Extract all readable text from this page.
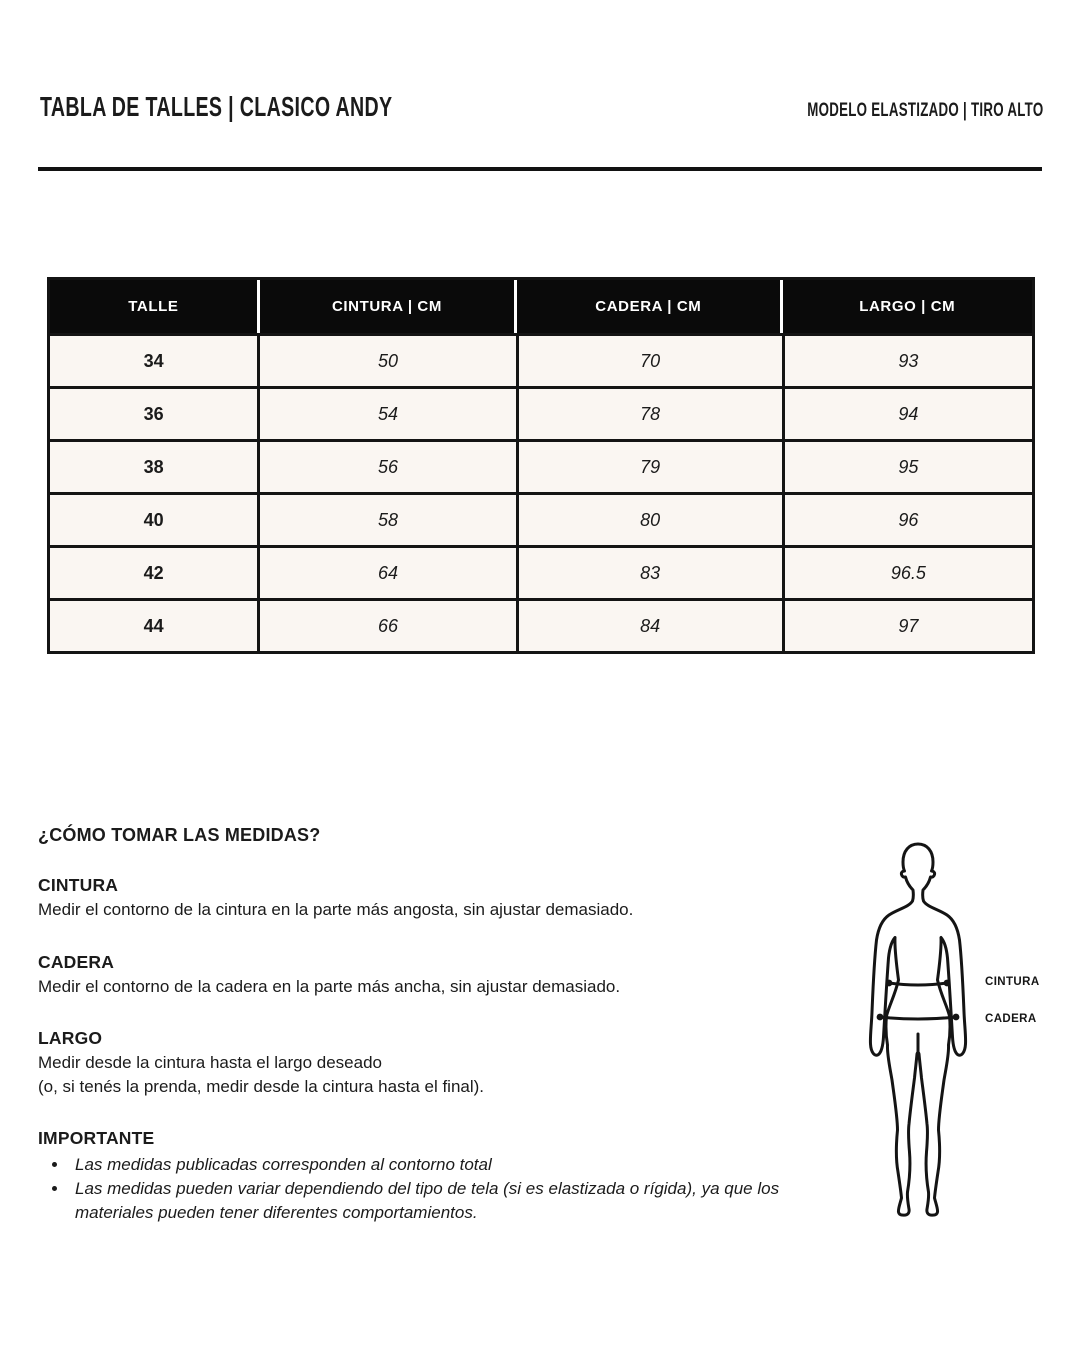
TABLA DE TALLES | CLASICO ANDY	MODELO ELASTIZADO | TIRO ALTO
TALLE	CINTURA | CM	CADERA | CM	LARGO | CM
34	50	70	93
36	54	78	94
38	56	79	95
40	58	80	96
42	64	83	96.5
44	66	84	97
¿CÓMO TOMAR LAS MEDIDAS?
CINTURA
Medir el contorno de la cintura en la parte más angosta, sin ajustar demasiado.
CADERA
Medir el contorno de la cadera en la parte más ancha, sin ajustar demasiado.
LARGO
Medir desde la cintura hasta el largo deseado
(o, si tenés la prenda, medir desde la cintura hasta el final).
IMPORTANTE
• Las medidas publicadas corresponden al contorno total
• Las medidas pueden variar dependiendo del tipo de tela (si es elastizada o rígida), ya que los materiales pueden tener diferentes comportamientos.
CINTURA
CADERA
